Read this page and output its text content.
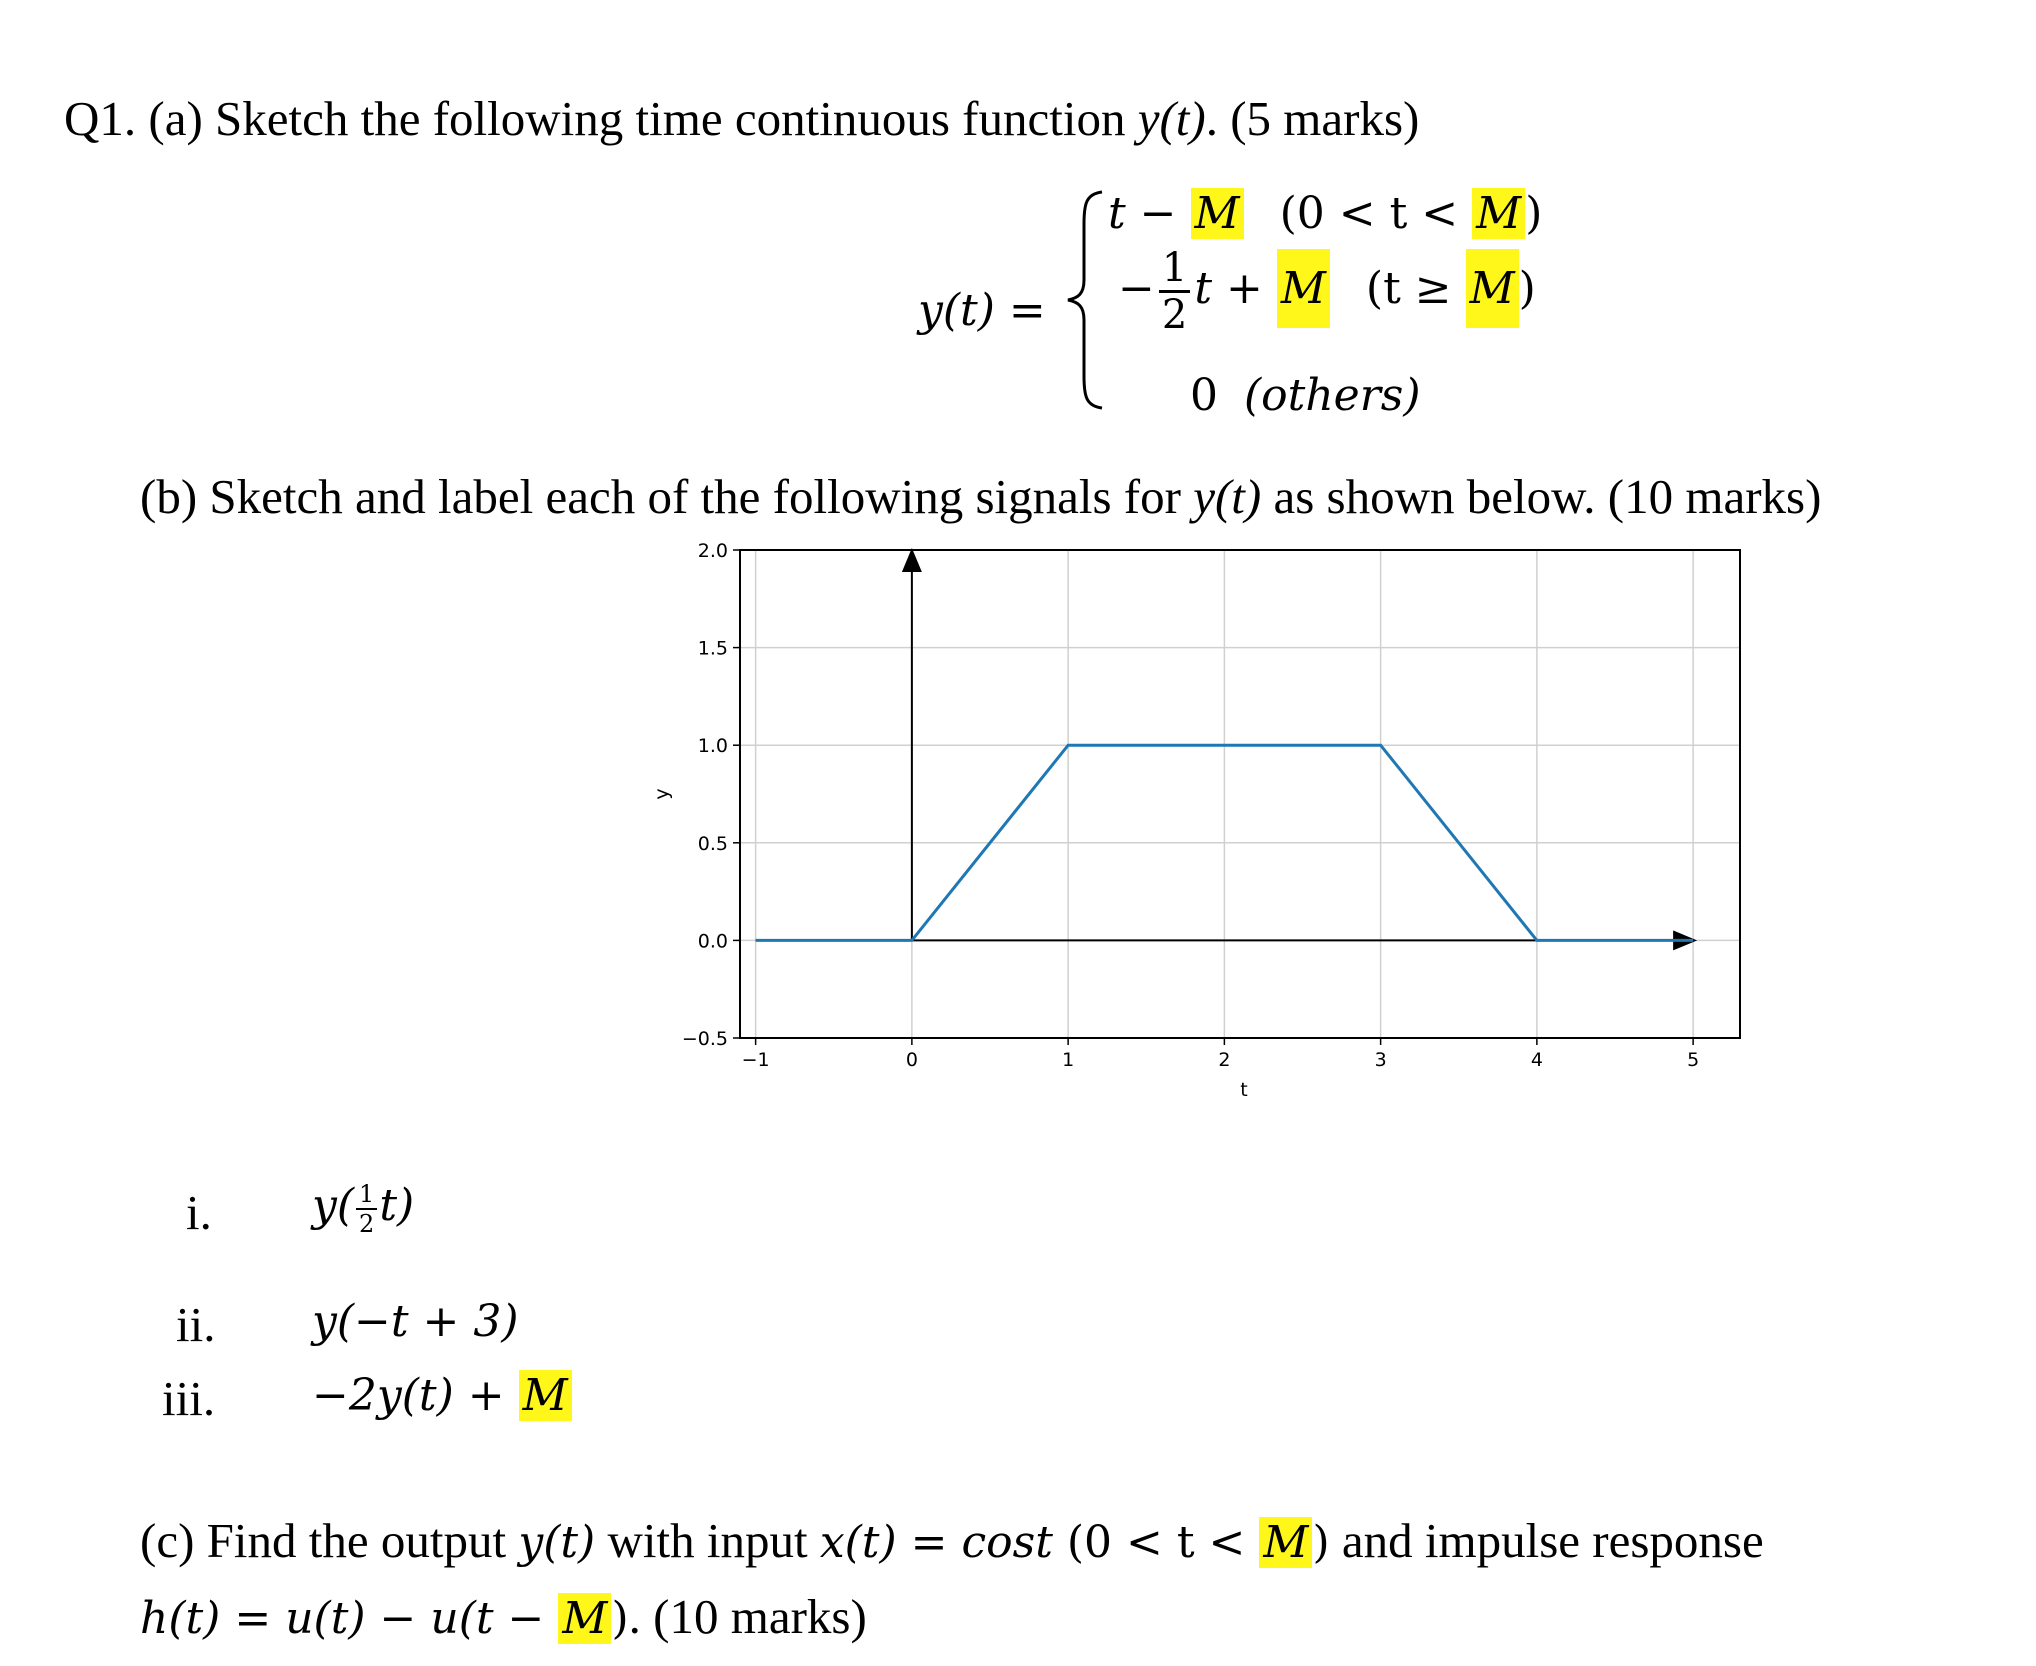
Q1. (a) Sketch the following time continuous function y(t). (5 marks)
y(t) =
t − M (0 < t < M)
− $\frac{1}{2}$ t + M (t ≥ M)
0 (others)
(b) Sketch and label each of the following signals for y(t) as shown below. (10 marks)
−1	0	1	2	3	4	5
2.0
1.5
1.0
0.5
0.0
−0.5
t
y
i. $y( \frac{1}{2} t)$
ii. y(−t + 3)
iii. −2y(t) + M
(c) Find the output y(t) with input x(t) = cost (0 < t < M) and impulse response
h(t) = u(t) − u(t − M). (10 marks)
